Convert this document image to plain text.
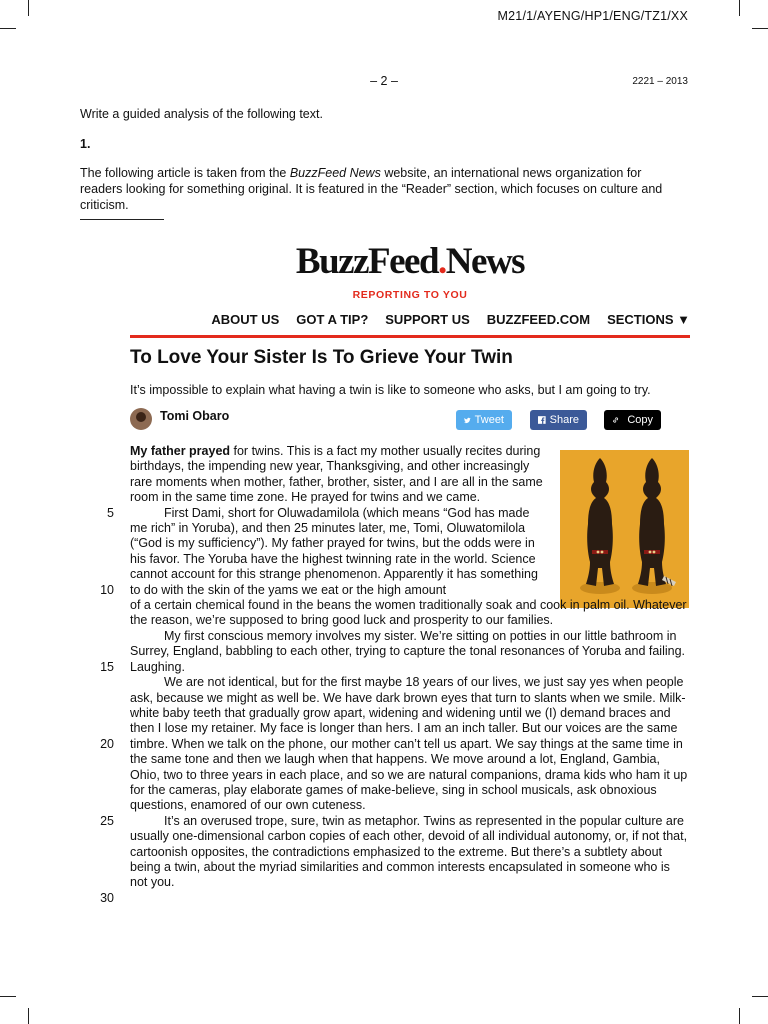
M21/1/AYENG/HP1/ENG/TZ1/XX
– 2 –	2221 – 2013
Write a guided analysis of the following text.
1.
The following article is taken from the BuzzFeed News website, an international news organization for readers looking for something original. It is featured in the “Reader” section, which focuses on culture and criticism.
BuzzFeed.News
REPORTING TO YOU
ABOUT US GOT A TIP? SUPPORT US BUZZFEED.COM SECTIONS ▼
To Love Your Sister Is To Grieve Your Twin
It’s impossible to explain what having a twin is like to someone who asks, but I am going to try.
Tomi Obaro	Tweet	Share	Copy
5
10
15
20
25
30

My father prayed for twins. This is a fact my mother usually recites during birthdays, the impending new year, Thanksgiving, and other increasingly rare moments when mother, father, brother, sister, and I are all in the same room in the same time zone. He prayed for twins and we came.

First Dami, short for Oluwadamilola (which means “God has made me rich” in Yoruba), and then 25 minutes later, me, Tomi, Oluwatomilola (“God is my sufficiency”). My father prayed for twins, but the odds were in his favor. The Yoruba have the highest twinning rate in the world. Science cannot account for this strange phenomenon. Apparently it has something to do with the skin of the yams we eat or the high amount

of a certain chemical found in the beans the women traditionally soak and cook in palm oil. Whatever the reason, we’re supposed to bring good luck and prosperity to our families.

My first conscious memory involves my sister. We’re sitting on potties in our little bathroom in Surrey, England, babbling to each other, trying to capture the tonal resonances of Yoruba and failing. Laughing.

We are not identical, but for the first maybe 18 years of our lives, we just say yes when people ask, because we might as well be. We have dark brown eyes that turn to slants when we smile. Milk-white baby teeth that gradually grow apart, widening and widening until we (I) demand braces and then I lose my retainer. My face is longer than hers. I am an inch taller. But our voices are the same timbre. When we talk on the phone, our mother can’t tell us apart. We say things at the same time in the same tone and then we laugh when that happens. We move around a lot, England, Gambia, Ohio, two to three years in each place, and so we are natural companions, drama kids who ham it up for the cameras, play elaborate games of make-believe, sing in school musicals, ask obnoxious questions, enamored of our own cuteness.

It’s an overused trope, sure, twin as metaphor. Twins as represented in the popular culture are usually one-dimensional carbon copies of each other, devoid of all individual autonomy, or, if not that, cartoonish opposites, the contradictions emphasized to the extreme. But there’s a subtlety about being a twin, about the myriad similarities and common interests encapsulated in someone who is not you.
